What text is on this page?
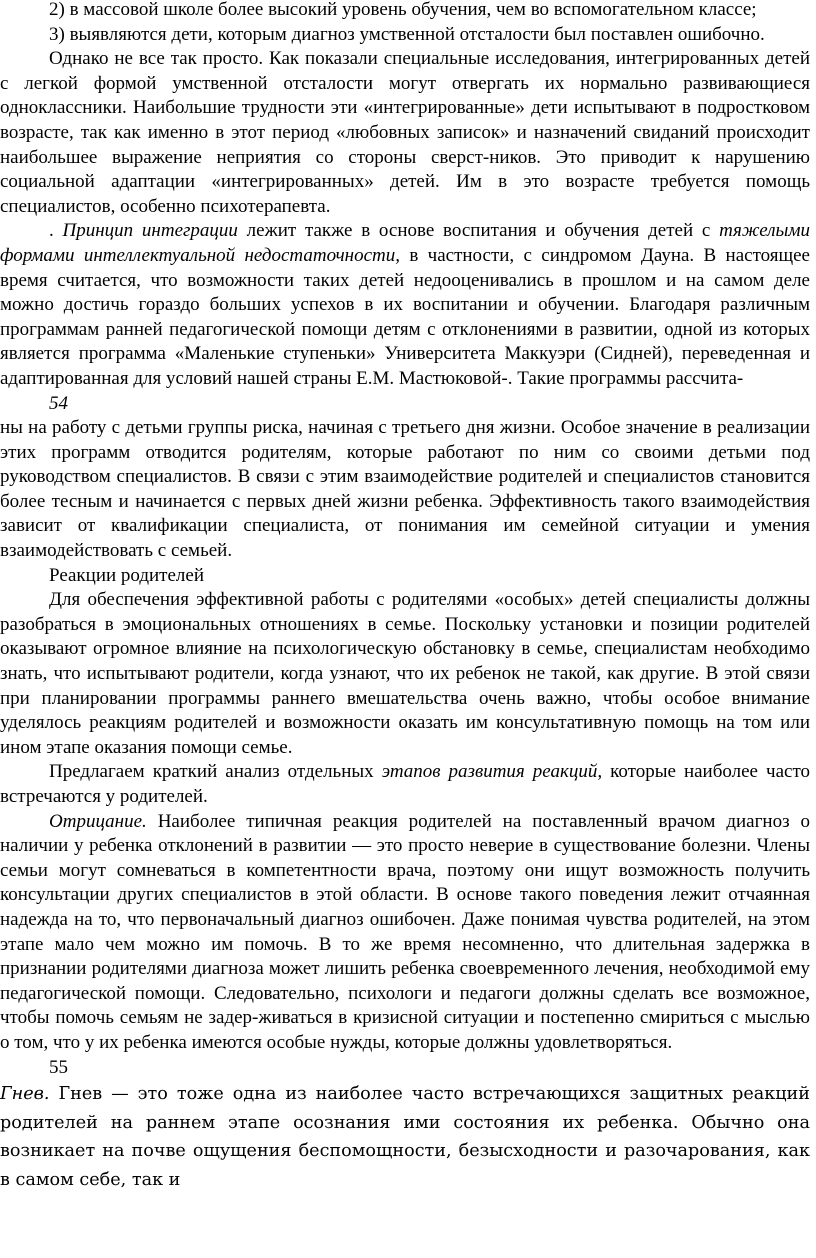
2) в массовой школе более высокий уровень обучения, чем во вспомогательном классе;

3) выявляются дети, которым диагноз умственной отсталости был поставлен ошибочно.

Однако не все так просто. Как показали специальные исследования, интегрированных детей с легкой формой умственной отсталости могут отвергать их нормально развивающиеся одноклассники. Наибольшие трудности эти «интегрированные» дети испытывают в подростковом возрасте, так как именно в этот период «любовных записок» и назначений свиданий происходит наибольшее выражение неприятия со стороны сверст-ников. Это приводит к нарушению социальной адаптации «интегрированных» детей. Им в это возрасте требуется помощь специалистов, особенно психотерапевта.

. Принцип интеграции лежит также в основе воспитания и обучения детей с тяжелыми формами интеллектуальной недостаточности, в частности, с синдромом Дауна. В настоящее время считается, что возможности таких детей недооценивались в прошлом и на самом деле можно достичь гораздо больших успехов в их воспитании и обучении. Благодаря различным программам ранней педагогической помощи детям с отклонениями в развитии, одной из которых является программа «Маленькие ступеньки» Университета Маккуэри (Сидней), переведенная и адаптированная для условий нашей страны Е.М. Мастюковой-. Такие программы рассчита-

54

ны на работу с детьми группы риска, начиная с третьего дня жизни. Особое значение в реализации этих программ отводится родителям, которые работают по ним со своими детьми под руководством специалистов. В связи с этим взаимодействие родителей и специалистов становится более тесным и начинается с первых дней жизни ребенка. Эффективность такого взаимодействия зависит от квалификации специалиста, от понимания им семейной ситуации и умения взаимодействовать с семьей.

Реакции родителей

Для обеспечения эффективной работы с родителями «особых» детей специалисты должны разобраться в эмоциональных отношениях в семье. Поскольку установки и позиции родителей оказывают огромное влияние на психологическую обстановку в семье, специалистам необходимо знать, что испытывают родители, когда узнают, что их ребенок не такой, как другие. В этой связи при планировании программы раннего вмешательства очень важно, чтобы особое внимание уделялось реакциям родителей и возможности оказать им консультативную помощь на том или ином этапе оказания помощи семье.

Предлагаем краткий анализ отдельных этапов развития реакций, которые наиболее часто встречаются у родителей.

Отрицание. Наиболее типичная реакция родителей на поставленный врачом диагноз о наличии у ребенка отклонений в развитии — это просто неверие в существование болезни. Члены семьи могут сомневаться в компетентности врача, поэтому они ищут возможность получить консультации других специалистов в этой области. В основе такого поведения лежит отчаянная надежда на то, что первоначальный диагноз ошибочен. Даже понимая чувства родителей, на этом этапе мало чем можно им помочь. В то же время несомненно, что длительная задержка в признании родителями диагноза может лишить ребенка своевременного лечения, необходимой ему педагогической помощи. Следовательно, психологи и педагоги должны сделать все возможное, чтобы помочь семьям не задер-живаться в кризисной ситуации и постепенно смириться с мыслью о том, что у их ребенка имеются особые нужды, которые должны удовлетворяться.

55

Гнев. Гнев — это тоже одна из наиболее часто встречающихся защитных реакций родителей на раннем этапе осознания ими состояния их ребенка. Обычно она возникает на почве ощущения беспомощности, безысходности и разочарования, как в самом себе, так и
